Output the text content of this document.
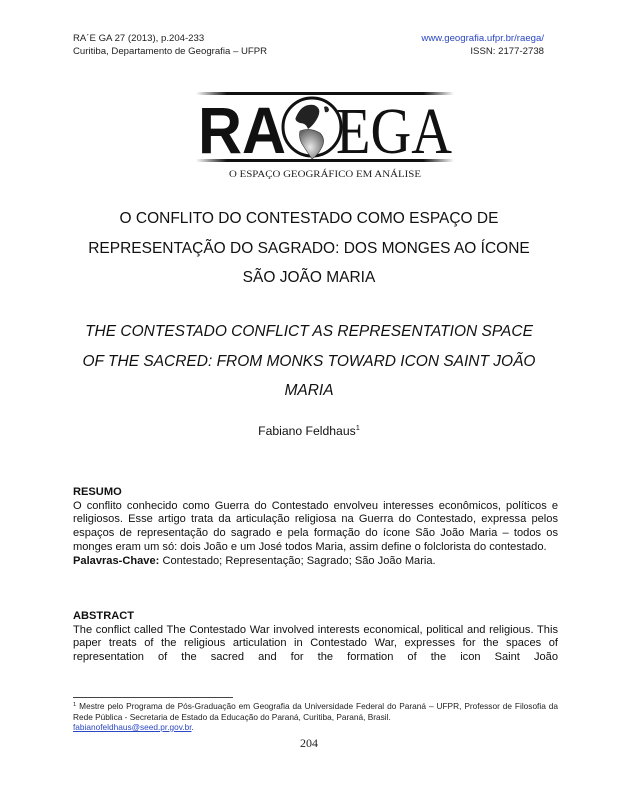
RA´E GA 27 (2013), p.204-233
Curitiba, Departamento de Geografia – UFPR
www.geografia.ufpr.br/raega/
ISSN: 2177-2738
RA EGA
O ESPAÇO GEOGRÁFICO EM ANÁLISE
O CONFLITO DO CONTESTADO COMO ESPAÇO DE
REPRESENTAÇÃO DO SAGRADO: DOS MONGES AO ÍCONE
SÃO JOÃO MARIA
THE CONTESTADO CONFLICT AS REPRESENTATION SPACE
OF THE SACRED: FROM MONKS TOWARD ICON SAINT JOÃO
MARIA
Fabiano Feldhaus$^1$
RESUMO
O conflito conhecido como Guerra do Contestado envolveu interesses econômicos, políticos e religiosos. Esse artigo trata da articulação religiosa na Guerra do Contestado, expressa pelos espaços de representação do sagrado e pela formação do ícone São João Maria – todos os monges eram um só: dois João e um José todos Maria, assim define o folclorista do contestado.
Palavras-Chave: Contestado; Representação; Sagrado; São João Maria.
ABSTRACT
The conflict called The Contestado War involved interests economical, political and religious. This paper treats of the religious articulation in Contestado War, expresses for the spaces of representation of the sacred and for the formation of the icon Saint João
$^1$ Mestre pelo Programa de Pós-Graduação em Geografia da Universidade Federal do Paraná – UFPR, Professor de Filosofia da Rede Pública - Secretaria de Estado da Educação do Paraná, Curitiba, Paraná, Brasil.
fabianofeldhaus@seed.pr.gov.br.
204
